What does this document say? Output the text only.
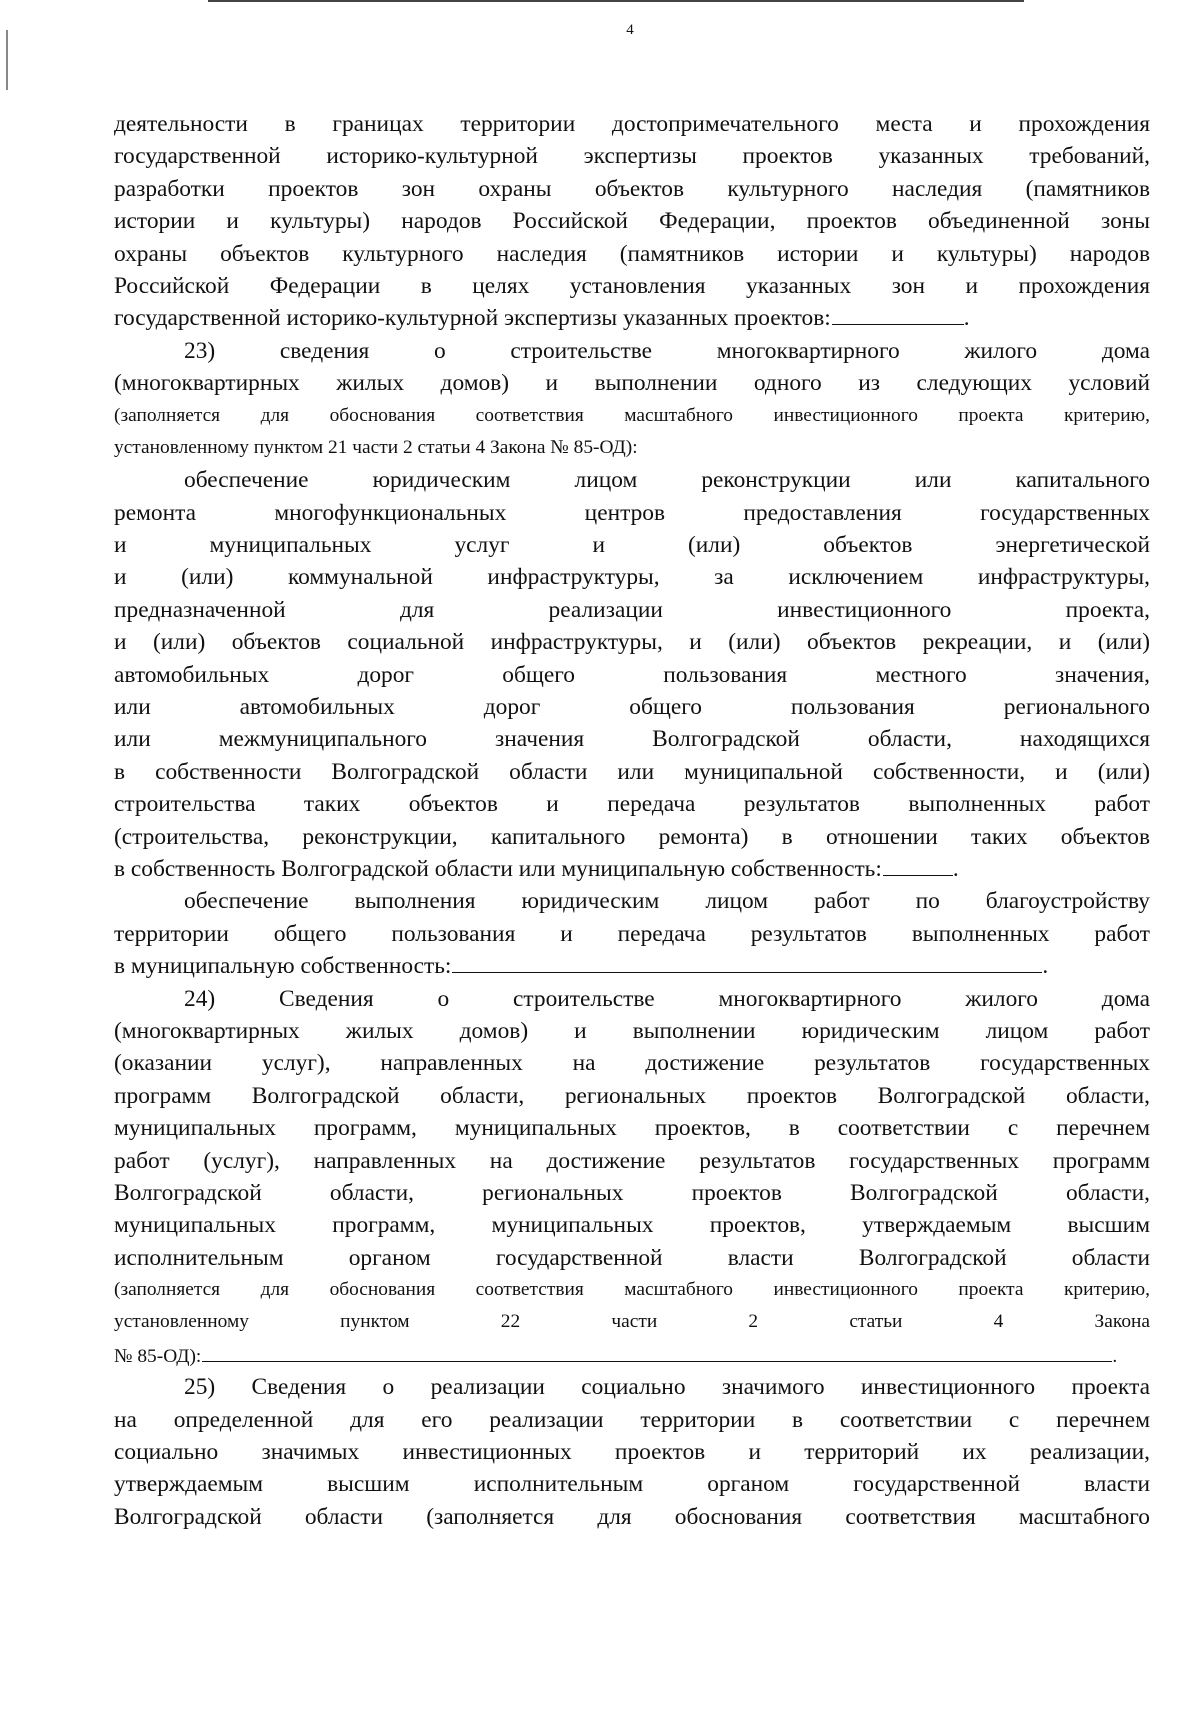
4
деятельности в границах территории достопримечательного места и прохождения
государственной историко-культурной экспертизы проектов указанных требований,
разработки проектов зон охраны объектов культурного наследия (памятников
истории и культуры) народов Российской Федерации, проектов объединенной зоны
охраны объектов культурного наследия (памятников истории и культуры) народов
Российской Федерации в целях установления указанных зон и прохождения
государственной историко-культурной экспертизы указанных проектов:	.
23) сведения о строительстве многоквартирного жилого дома
(многоквартирных жилых домов) и выполнении одного из следующих условий
(заполняется для обоснования соответствия масштабного инвестиционного проекта критерию,
установленному пунктом 21 части 2 статьи 4 Закона № 85-ОД):
обеспечение юридическим лицом реконструкции или капитального
ремонта многофункциональных центров предоставления государственных
и муниципальных услуг и (или) объектов энергетической
и (или) коммунальной инфраструктуры, за исключением инфраструктуры,
предназначенной для реализации инвестиционного проекта,
и (или) объектов социальной инфраструктуры, и (или) объектов рекреации, и (или)
автомобильных дорог общего пользования местного значения,
или автомобильных дорог общего пользования регионального
или межмуниципального значения Волгоградской области, находящихся
в собственности Волгоградской области или муниципальной собственности, и (или)
строительства таких объектов и передача результатов выполненных работ
(строительства, реконструкции, капитального ремонта) в отношении таких объектов
в собственность Волгоградской области или муниципальную собственность:	.
обеспечение выполнения юридическим лицом работ по благоустройству
территории общего пользования и передача результатов выполненных работ
в муниципальную собственность:	.
24) Сведения о строительстве многоквартирного жилого дома
(многоквартирных жилых домов) и выполнении юридическим лицом работ
(оказании услуг), направленных на достижение результатов государственных
программ Волгоградской области, региональных проектов Волгоградской области,
муниципальных программ, муниципальных проектов, в соответствии с перечнем
работ (услуг), направленных на достижение результатов государственных программ
Волгоградской области, региональных проектов Волгоградской области,
муниципальных программ, муниципальных проектов, утверждаемым высшим
исполнительным органом государственной власти Волгоградской области
(заполняется для обоснования соответствия масштабного инвестиционного проекта критерию,
установленному пунктом 22 части 2 статьи 4 Закона
№ 85-ОД):	.
25) Сведения о реализации социально значимого инвестиционного проекта
на определенной для его реализации территории в соответствии с перечнем
социально значимых инвестиционных проектов и территорий их реализации,
утверждаемым высшим исполнительным органом государственной власти
Волгоградской области (заполняется для обоснования соответствия масштабного
